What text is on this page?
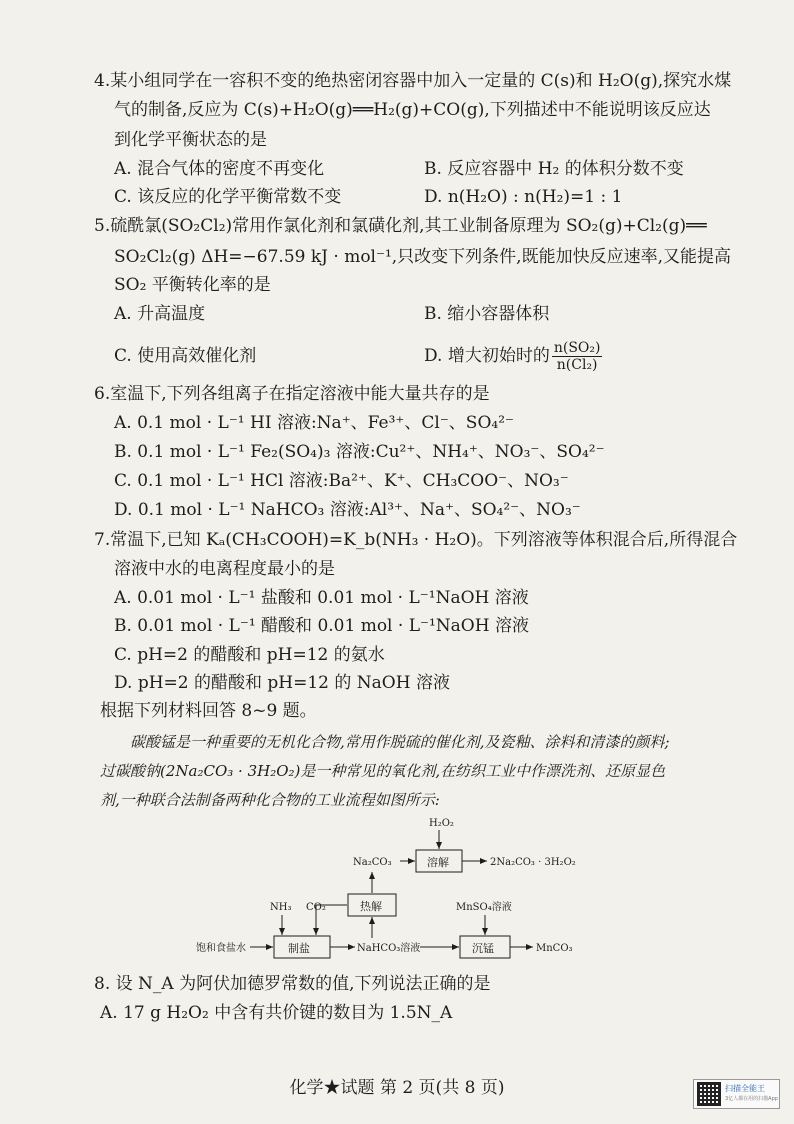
4.某小组同学在一容积不变的绝热密闭容器中加入一定量的 C(s)和 H₂O(g),探究水煤
气的制备,反应为 C(s)+H₂O(g)══H₂(g)+CO(g),下列描述中不能说明该反应达
到化学平衡状态的是
A. 混合气体的密度不再变化	B. 反应容器中 H₂ 的体积分数不变
C. 该反应的化学平衡常数不变	D. n(H₂O) : n(H₂)=1 : 1
5.硫酰氯(SO₂Cl₂)常用作氯化剂和氯磺化剂,其工业制备原理为 SO₂(g)+Cl₂(g)══
SO₂Cl₂(g) ΔH=−67.59 kJ · mol⁻¹,只改变下列条件,既能加快反应速率,又能提高
SO₂ 平衡转化率的是
A. 升高温度	B. 缩小容器体积
C. 使用高效催化剂	D. 增大初始时的 $\frac{\text{n(SO₂)}}{\text{n(Cl₂)}}$
6.室温下,下列各组离子在指定溶液中能大量共存的是
A. 0.1 mol · L⁻¹ HI 溶液:Na⁺、Fe³⁺、Cl⁻、SO₄²⁻
B. 0.1 mol · L⁻¹ Fe₂(SO₄)₃ 溶液:Cu²⁺、NH₄⁺、NO₃⁻、SO₄²⁻
C. 0.1 mol · L⁻¹ HCl 溶液:Ba²⁺、K⁺、CH₃COO⁻、NO₃⁻
D. 0.1 mol · L⁻¹ NaHCO₃ 溶液:Al³⁺、Na⁺、SO₄²⁻、NO₃⁻
7.常温下,已知 Kₐ(CH₃COOH)=K_b(NH₃ · H₂O)。下列溶液等体积混合后,所得混合
溶液中水的电离程度最小的是
A. 0.01 mol · L⁻¹ 盐酸和 0.01 mol · L⁻¹NaOH 溶液
B. 0.01 mol · L⁻¹ 醋酸和 0.01 mol · L⁻¹NaOH 溶液
C. pH=2 的醋酸和 pH=12 的氨水
D. pH=2 的醋酸和 pH=12 的 NaOH 溶液
根据下列材料回答 8~9 题。
碳酸锰是一种重要的无机化合物,常用作脱硫的催化剂,及瓷釉、涂料和清漆的颜料;
过碳酸钠(2Na₂CO₃ · 3H₂O₂)是一种常见的氧化剂,在纺织工业中作漂洗剂、还原显色
剂,一种联合法制备两种化合物的工业流程如图所示:
H₂O₂
Na₂CO₃	溶解	2Na₂CO₃ · 3H₂O₂
NH₃ CO₂	热解	MnSO₄溶液
饱和食盐水	制盐	NaHCO₃溶液	沉锰	MnCO₃
8. 设 N_A 为阿伏加德罗常数的值,下列说法正确的是
A. 17 g H₂O₂ 中含有共价键的数目为 1.5N_A
化学★试题 第 2 页(共 8 页)	扫描全能王
3亿人都在用的扫描App
